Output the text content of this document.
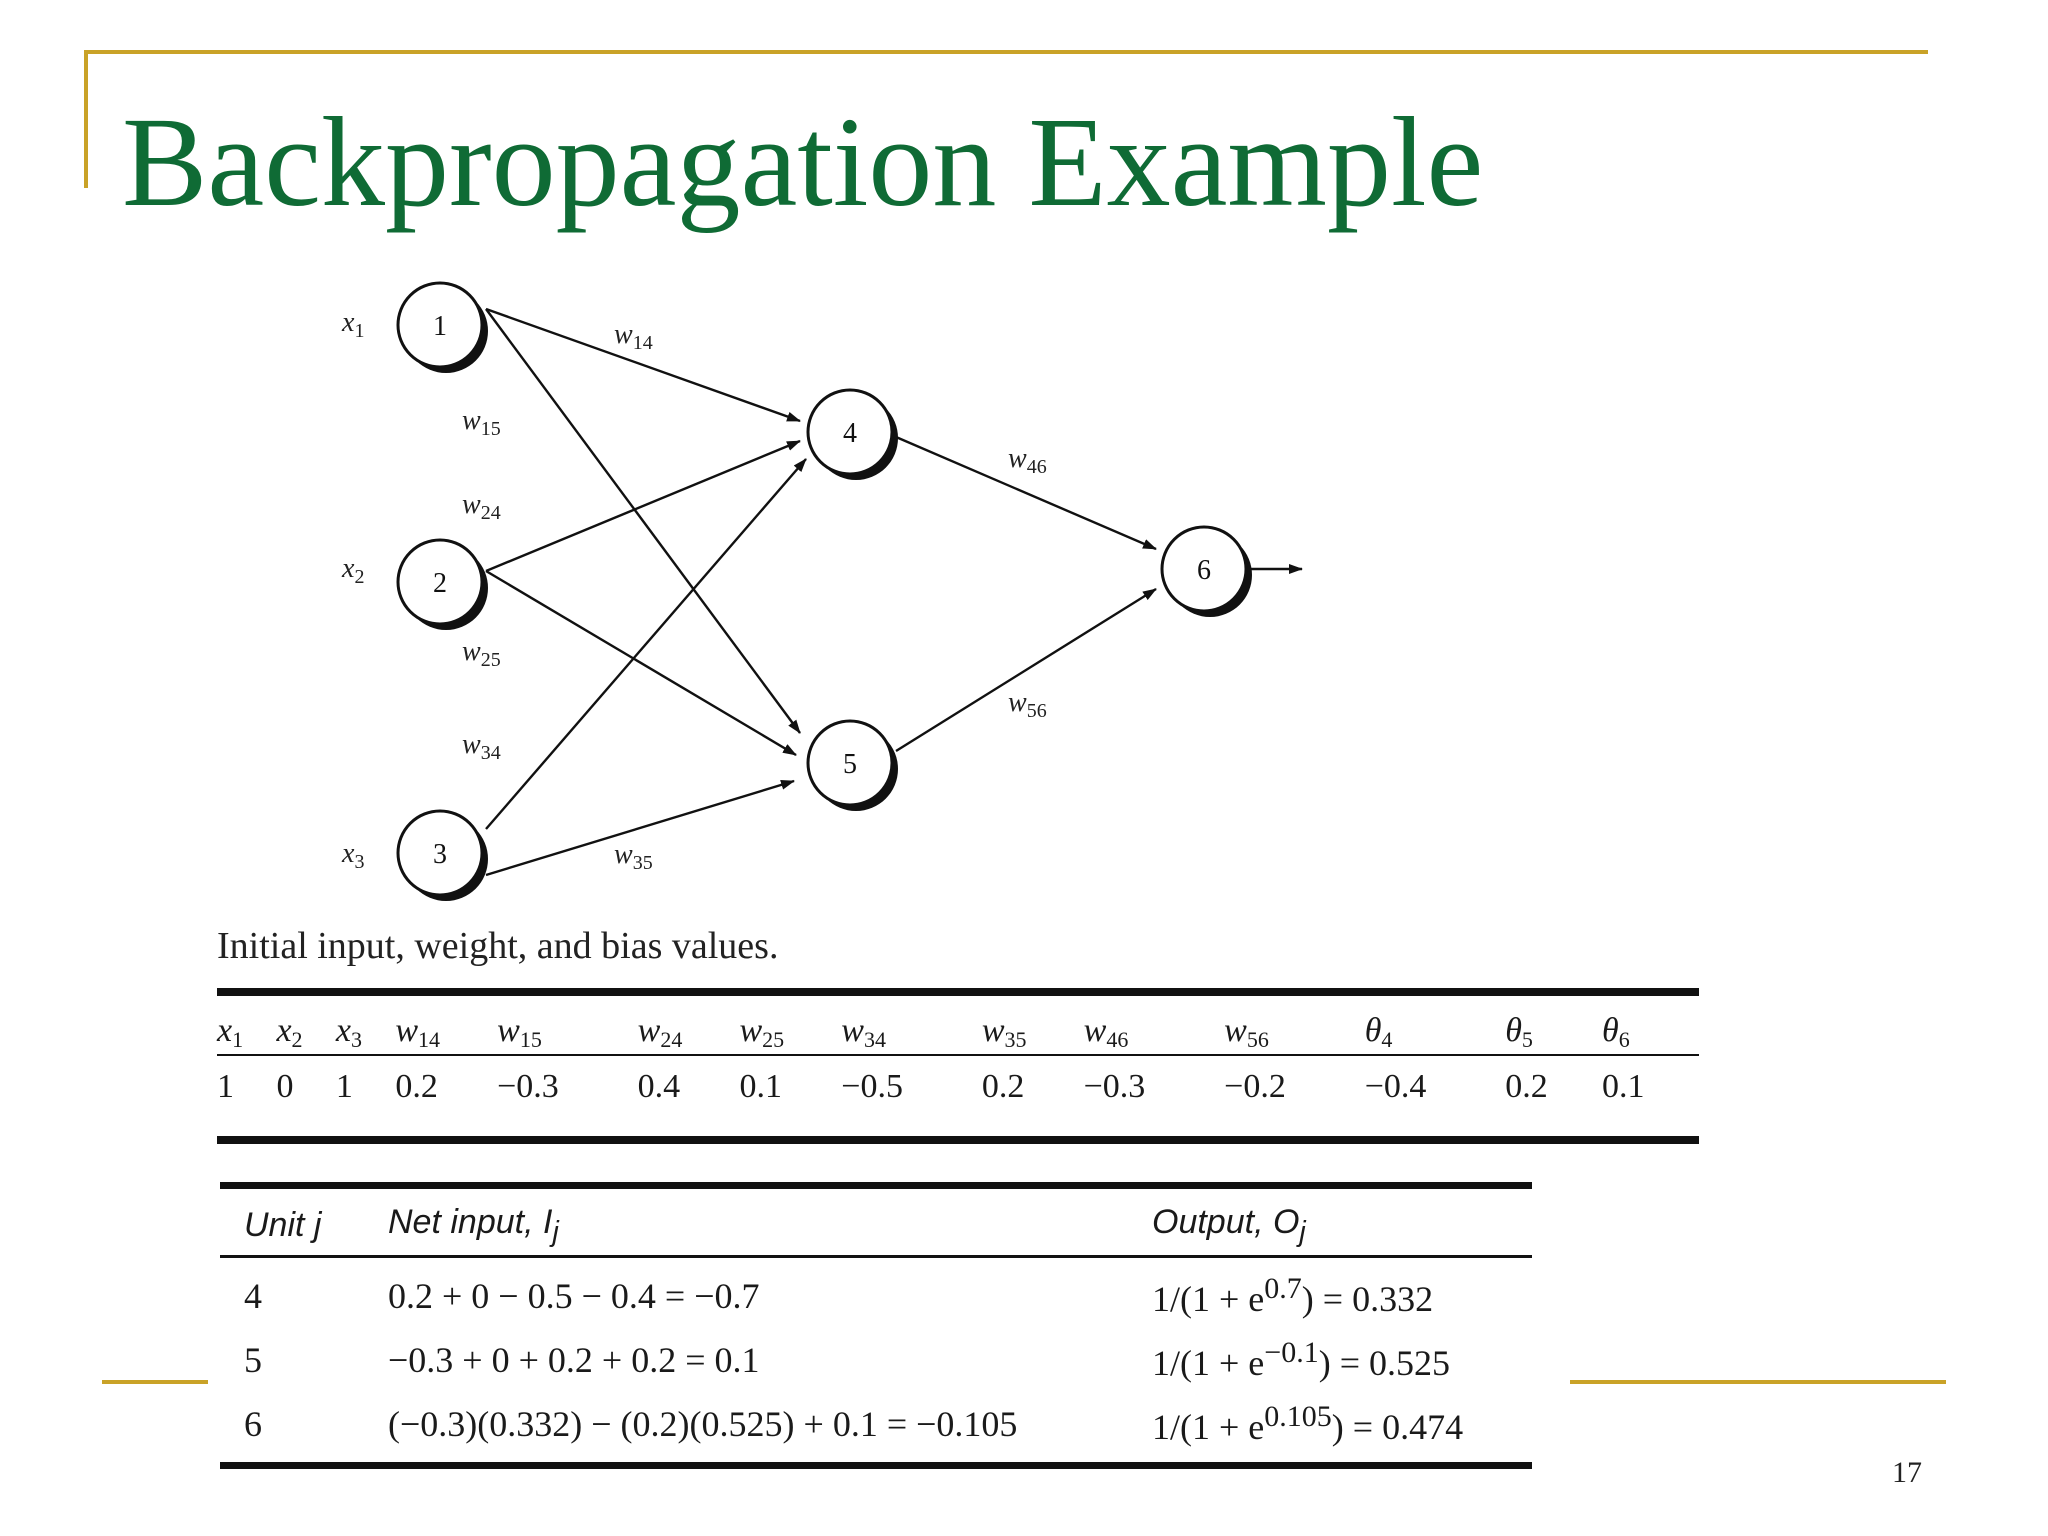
Backpropagation Example
1
2
3
4
5
6
$x_1$
$x_2$
$x_3$
$w_{14}$
$w_{15}$
$w_{24}$
$w_{25}$
$w_{34}$
$w_{35}$
$w_{46}$
$w_{56}$

Initial input, weight, and bias values.

x1	x2	x3	w14	w15	w24	w25	w34	w35	w46	w56	θ4	θ5	θ6
1	0	1	0.2	−0.3	0.4	0.1	−0.5	0.2	−0.3	−0.2	−0.4	0.2	0.1
Unit j	Net input, $I_j$	Output, $O_j$
4	0.2 + 0 − 0.5 − 0.4 = −0.7	$1/(1 + e^{0.7}) = 0.332$
5	−0.3 + 0 + 0.2 + 0.2 = 0.1	$1/(1 + e^{-0.1}) = 0.525$
6	(−0.3)(0.332) − (0.2)(0.525) + 0.1 = −0.105	$1/(1 + e^{0.105}) = 0.474$
17
